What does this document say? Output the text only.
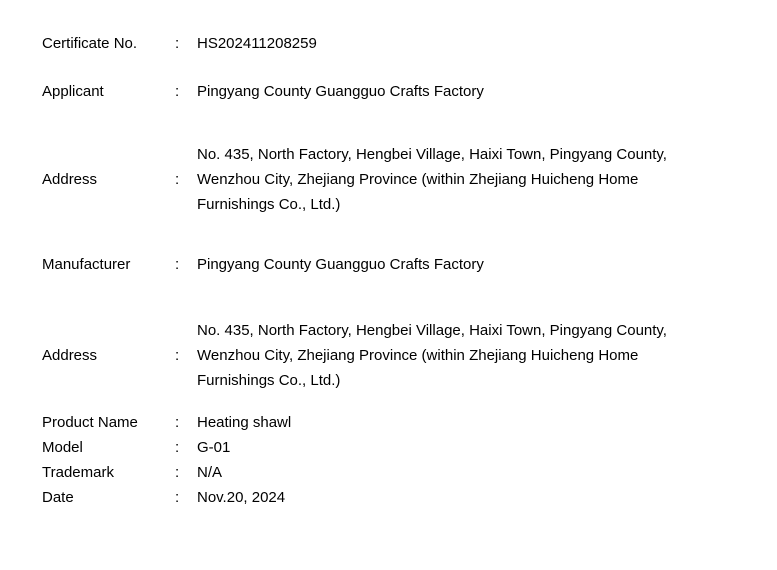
Certificate No.	:	HS202411208259
Applicant	:	Pingyang County Guangguo Crafts Factory
Address	:
No. 435, North Factory, Hengbei Village, Haixi Town, Pingyang County,
Wenzhou City, Zhejiang Province (within Zhejiang Huicheng Home
Furnishings Co., Ltd.)
Manufacturer	:	Pingyang County Guangguo Crafts Factory
Address	:
No. 435, North Factory, Hengbei Village, Haixi Town, Pingyang County,
Wenzhou City, Zhejiang Province (within Zhejiang Huicheng Home
Furnishings Co., Ltd.)
Product Name	:	Heating shawl
Model	:	G-01
Trademark	:	N/A
Date	:	Nov.20, 2024
